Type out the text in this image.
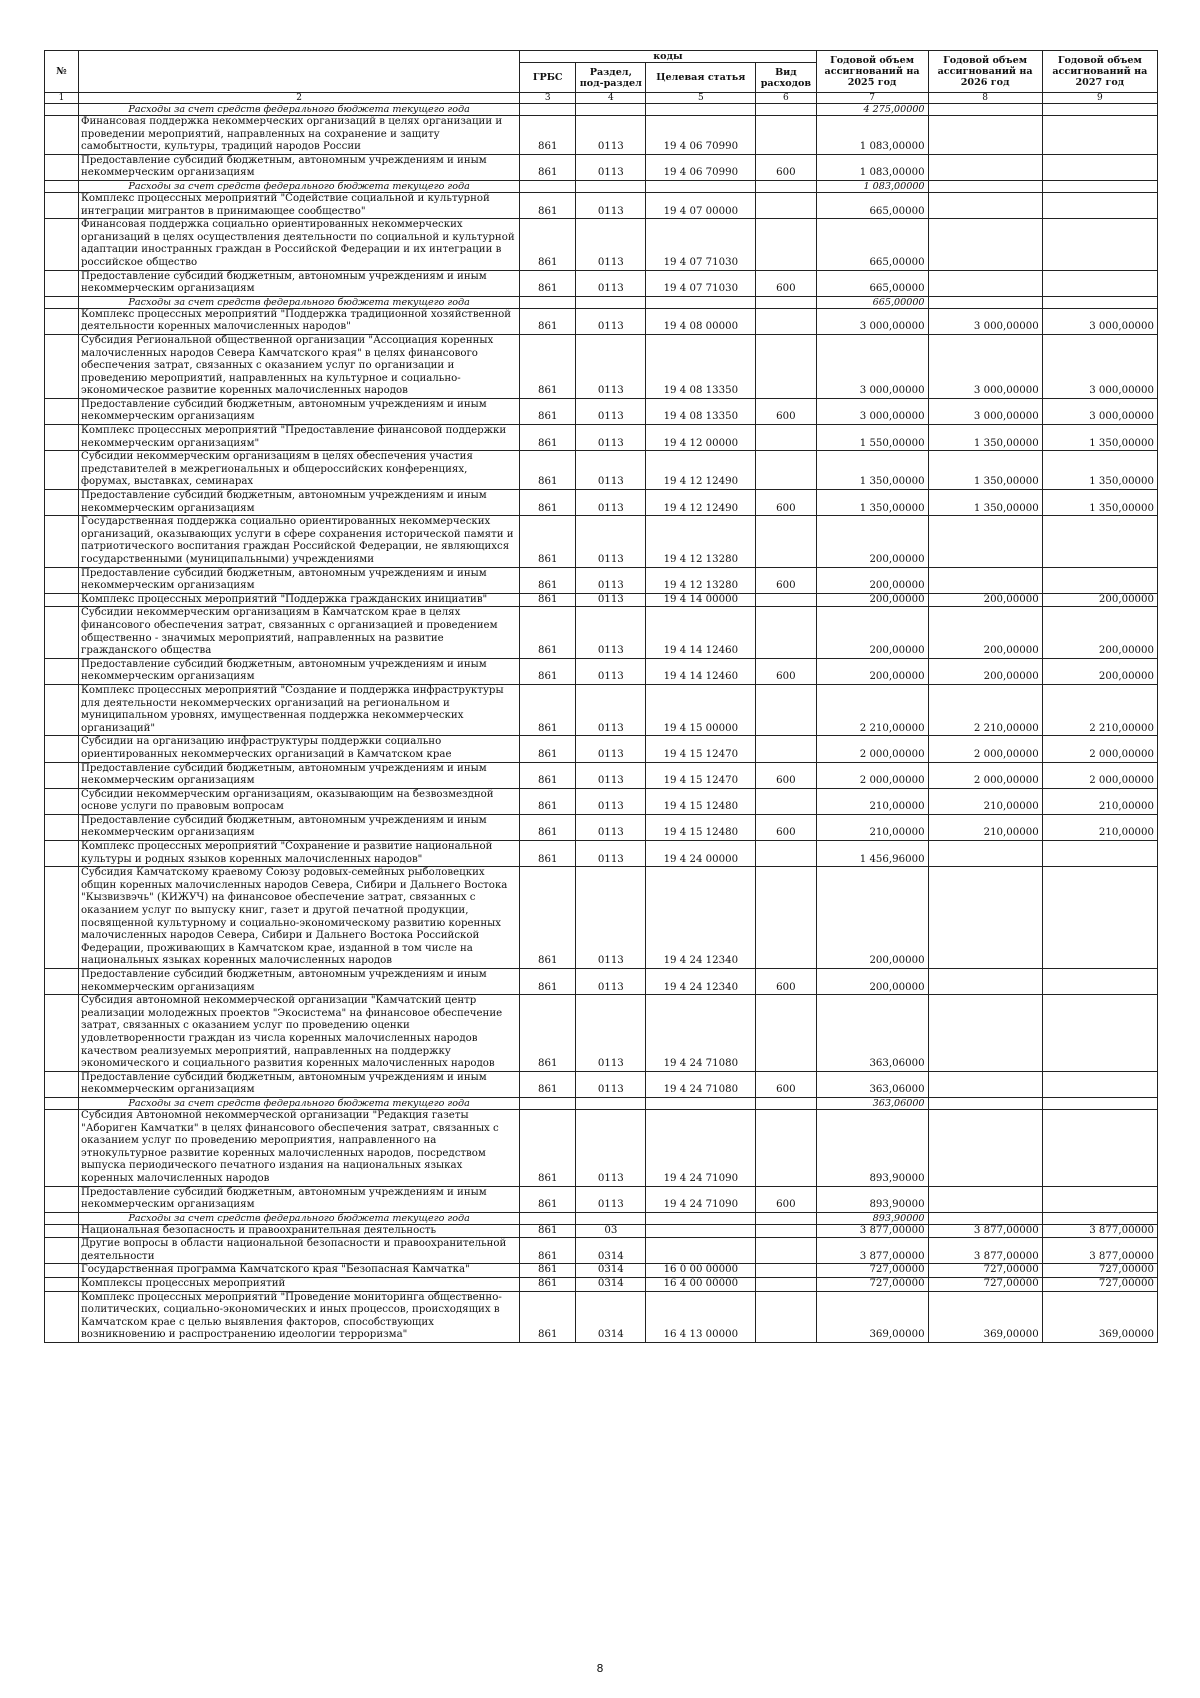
№		коды				Годовой объем ассигнований на 2025 год	Годовой объем ассигнований на 2026 год	Годовой объем ассигнований на 2027 год
		ГРБС	Раздел, под-раздел	Целевая статья	Вид расходов			
1	2	3	4	5	6	7	8	9
	Расходы за счет средств федерального бюджета текущего года					4 275,00000		
	Финансовая поддержка некоммерческих организаций в целях организации и проведении мероприятий, направленных на сохранение и защиту самобытности, культуры, традиций народов России	861	0113	19 4 06 70990		1 083,00000		
	Предоставление субсидий бюджетным, автономным учреждениям и иным некоммерческим организациям	861	0113	19 4 06 70990	600	1 083,00000		
	Расходы за счет средств федерального бюджета текущего года					1 083,00000		
	Комплекс процессных мероприятий "Содействие социальной и культурной интеграции мигрантов в принимающее сообщество"	861	0113	19 4 07 00000		665,00000		
	Финансовая поддержка социально ориентированных некоммерческих организаций в целях осуществления деятельности по социальной и культурной адаптации иностранных граждан в Российской Федерации и их интеграции в российское общество	861	0113	19 4 07 71030		665,00000		
	Предоставление субсидий бюджетным, автономным учреждениям и иным некоммерческим организациям	861	0113	19 4 07 71030	600	665,00000		
	Расходы за счет средств федерального бюджета текущего года					665,00000		
	Комплекс процессных мероприятий "Поддержка традиционной хозяйственной деятельности коренных малочисленных народов"	861	0113	19 4 08 00000		3 000,00000	3 000,00000	3 000,00000
	Субсидия Региональной общественной организации "Ассоциация коренных малочисленных народов Севера Камчатского края" в целях финансового обеспечения затрат, связанных с оказанием услуг по организации и проведению мероприятий, направленных на культурное и социально-экономическое развитие коренных малочисленных народов	861	0113	19 4 08 13350		3 000,00000	3 000,00000	3 000,00000
	Предоставление субсидий бюджетным, автономным учреждениям и иным некоммерческим организациям	861	0113	19 4 08 13350	600	3 000,00000	3 000,00000	3 000,00000
	Комплекс процессных мероприятий "Предоставление финансовой поддержки некоммерческим организациям"	861	0113	19 4 12 00000		1 550,00000	1 350,00000	1 350,00000
	Субсидии некоммерческим организациям в целях обеспечения участия представителей в межрегиональных и общероссийских конференциях, форумах, выставках, семинарах	861	0113	19 4 12 12490		1 350,00000	1 350,00000	1 350,00000
	Предоставление субсидий бюджетным, автономным учреждениям и иным некоммерческим организациям	861	0113	19 4 12 12490	600	1 350,00000	1 350,00000	1 350,00000
	Государственная поддержка социально ориентированных некоммерческих организаций, оказывающих услуги в сфере сохранения исторической памяти и патриотического воспитания граждан Российской Федерации, не являющихся государственными (муниципальными) учреждениями	861	0113	19 4 12 13280		200,00000		
	Предоставление субсидий бюджетным, автономным учреждениям и иным некоммерческим организациям	861	0113	19 4 12 13280	600	200,00000		
	Комплекс процессных мероприятий "Поддержка гражданских инициатив"	861	0113	19 4 14 00000		200,00000	200,00000	200,00000
	Субсидии некоммерческим организациям в Камчатском крае в целях финансового обеспечения затрат, связанных с организацией и проведением общественно - значимых мероприятий, направленных на развитие гражданского общества	861	0113	19 4 14 12460		200,00000	200,00000	200,00000
	Предоставление субсидий бюджетным, автономным учреждениям и иным некоммерческим организациям	861	0113	19 4 14 12460	600	200,00000	200,00000	200,00000
	Комплекс процессных мероприятий "Создание и поддержка инфраструктуры для деятельности некоммерческих организаций на региональном и муниципальном уровнях, имущественная поддержка некоммерческих организаций"	861	0113	19 4 15 00000		2 210,00000	2 210,00000	2 210,00000
	Субсидии на организацию инфраструктуры поддержки социально ориентированных некоммерческих организаций в Камчатском крае	861	0113	19 4 15 12470		2 000,00000	2 000,00000	2 000,00000
	Предоставление субсидий бюджетным, автономным учреждениям и иным некоммерческим организациям	861	0113	19 4 15 12470	600	2 000,00000	2 000,00000	2 000,00000
	Субсидии некоммерческим организациям, оказывающим на безвозмездной основе услуги по правовым вопросам	861	0113	19 4 15 12480		210,00000	210,00000	210,00000
	Предоставление субсидий бюджетным, автономным учреждениям и иным некоммерческим организациям	861	0113	19 4 15 12480	600	210,00000	210,00000	210,00000
	Комплекс процессных мероприятий "Сохранение и развитие национальной культуры и родных языков коренных малочисленных народов"	861	0113	19 4 24 00000		1 456,96000		
	Субсидия Камчатскому краевому Союзу родовых-семейных рыболовецких общин коренных малочисленных народов Севера, Сибири и Дальнего Востока "Кызвизвэчь" (КИЖУЧ) на финансовое обеспечение затрат, связанных с оказанием услуг по выпуску книг, газет и другой печатной продукции, посвященной культурному и социально-экономическому развитию коренных малочисленных народов Севера, Сибири и Дальнего Востока Российской Федерации, проживающих в Камчатском крае, изданной в том числе на национальных языках коренных малочисленных народов	861	0113	19 4 24 12340		200,00000		
	Предоставление субсидий бюджетным, автономным учреждениям и иным некоммерческим организациям	861	0113	19 4 24 12340	600	200,00000		
	Субсидия автономной некоммерческой организации "Камчатский центр реализации молодежных проектов "Экосистема" на финансовое обеспечение затрат, связанных с оказанием услуг по проведению оценки удовлетворенности граждан из числа коренных малочисленных народов качеством реализуемых мероприятий, направленных на поддержку экономического и социального развития коренных малочисленных народов	861	0113	19 4 24 71080		363,06000		
	Предоставление субсидий бюджетным, автономным учреждениям и иным некоммерческим организациям	861	0113	19 4 24 71080	600	363,06000		
	Расходы за счет средств федерального бюджета текущего года					363,06000		
	Субсидия Автономной некоммерческой организации "Редакция газеты "Абориген Камчатки" в целях финансового обеспечения затрат, связанных с оказанием услуг по проведению мероприятия, направленного на этнокультурное развитие коренных малочисленных народов, посредством выпуска периодического печатного издания на национальных языках коренных малочисленных народов	861	0113	19 4 24 71090		893,90000		
	Предоставление субсидий бюджетным, автономным учреждениям и иным некоммерческим организациям	861	0113	19 4 24 71090	600	893,90000		
	Расходы за счет средств федерального бюджета текущего года					893,90000		
	Национальная безопасность и правоохранительная деятельность	861	03			3 877,00000	3 877,00000	3 877,00000
	Другие вопросы в области национальной безопасности и правоохранительной деятельности	861	0314			3 877,00000	3 877,00000	3 877,00000
	Государственная программа Камчатского края "Безопасная Камчатка"	861	0314	16 0 00 00000		727,00000	727,00000	727,00000
	Комплексы процессных мероприятий	861	0314	16 4 00 00000		727,00000	727,00000	727,00000
	Комплекс процессных мероприятий "Проведение мониторинга общественно-политических, социально-экономических и иных процессов, происходящих в Камчатском крае с целью выявления факторов, способствующих возникновению и распространению идеологии терроризма"	861	0314	16 4 13 00000		369,00000	369,00000	369,00000
8
